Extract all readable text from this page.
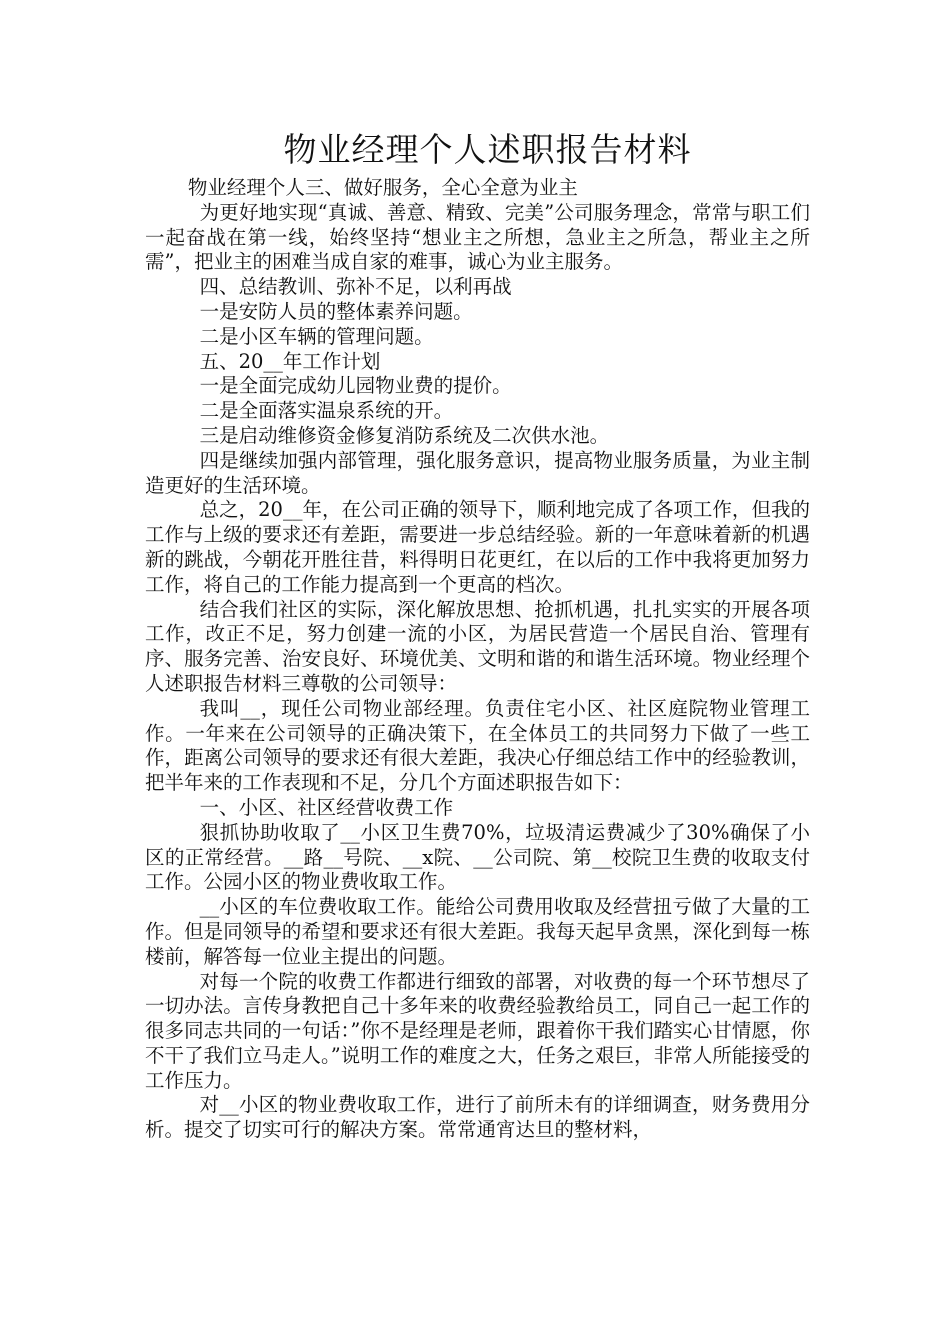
物业经理个人述职报告材料

物业经理个人三、做好服务，全心全意为业主

为更好地实现“真诚、善意、精致、完美”公司服务理念，常常与职工们一起奋战在第一线，始终坚持“想业主之所想，急业主之所急，帮业主之所需”，把业主的困难当成自家的难事，诚心为业主服务。

四、总结教训、弥补不足，以利再战

一是安防人员的整体素养问题。

二是小区车辆的管理问题。

五、20__年工作计划

一是全面完成幼儿园物业费的提价。

二是全面落实温泉系统的开。

三是启动维修资金修复消防系统及二次供水池。

四是继续加强内部管理，强化服务意识，提高物业服务质量，为业主制造更好的生活环境。

总之，20__年，在公司正确的领导下，顺利地完成了各项工作，但我的工作与上级的要求还有差距，需要进一步总结经验。新的一年意味着新的机遇新的跳战，今朝花开胜往昔，料得明日花更红，在以后的工作中我将更加努力工作，将自己的工作能力提高到一个更高的档次。

结合我们社区的实际，深化解放思想、抢抓机遇，扎扎实实的开展各项工作，改正不足，努力创建一流的小区，为居民营造一个居民自治、管理有序、服务完善、治安良好、环境优美、文明和谐的和谐生活环境。物业经理个人述职报告材料三尊敬的公司领导：

我叫__，现任公司物业部经理。负责住宅小区、社区庭院物业管理工作。一年来在公司领导的正确决策下，在全体员工的共同努力下做了一些工作，距离公司领导的要求还有很大差距，我决心仔细总结工作中的经验教训，把半年来的工作表现和不足，分几个方面述职报告如下：

一、小区、社区经营收费工作

狠抓协助收取了__小区卫生费70%，垃圾清运费减少了30%确保了小区的正常经营。__路__号院、__x院、__公司院、第__校院卫生费的收取支付工作。公园小区的物业费收取工作。

__小区的车位费收取工作。能给公司费用收取及经营扭亏做了大量的工作。但是同领导的希望和要求还有很大差距。我每天起早贪黑，深化到每一栋楼前，解答每一位业主提出的问题。

对每一个院的收费工作都进行细致的部署，对收费的每一个环节想尽了一切办法。言传身教把自己十多年来的收费经验教给员工，同自己一起工作的很多同志共同的一句话：”你不是经理是老师，跟着你干我们踏实心甘情愿，你不干了我们立马走人。”说明工作的难度之大，任务之艰巨，非常人所能接受的工作压力。

对__小区的物业费收取工作，进行了前所未有的详细调查，财务费用分析。提交了切实可行的解决方案。常常通宵达旦的整材料，
